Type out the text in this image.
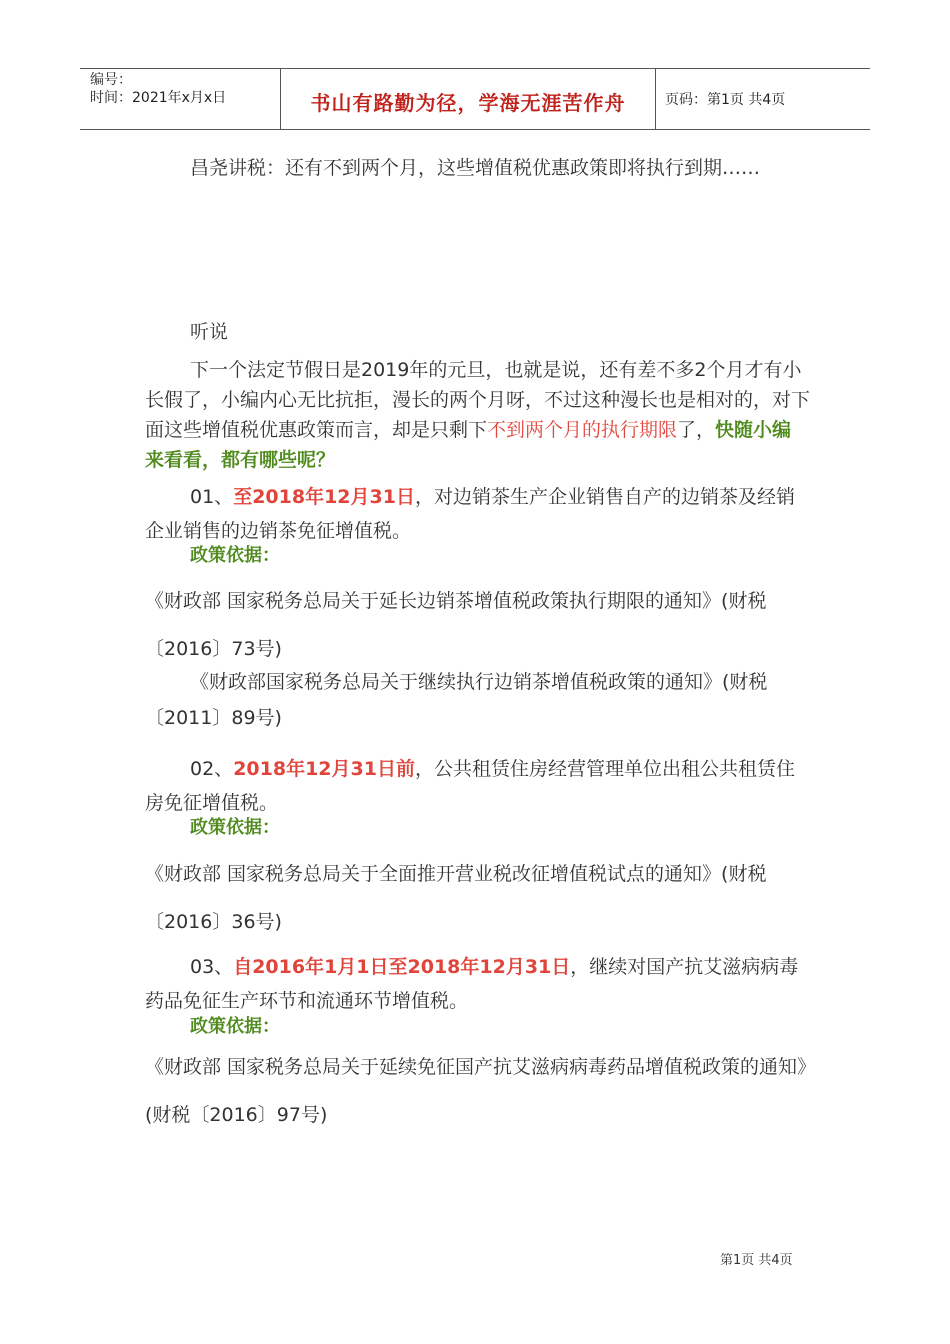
编号：
时间：2021年x月x日	书山有路勤为径，学海无涯苦作舟	页码：第1页 共4页

昌尧讲税：还有不到两个月，这些增值税优惠政策即将执行到期……

听说

下一个法定节假日是2019年的元旦，也就是说，还有差不多2个月才有小长假了，小编内心无比抗拒，漫长的两个月呀，不过这种漫长也是相对的，对下面这些增值税优惠政策而言，却是只剩下不到两个月的执行期限了，快随小编来看看，都有哪些呢？

01、至2018年12月31日，对边销茶生产企业销售自产的边销茶及经销企业销售的边销茶免征增值税。

政策依据：

《财政部 国家税务总局关于延长边销茶增值税政策执行期限的通知》(财税〔2016〕73号)

《财政部国家税务总局关于继续执行边销茶增值税政策的通知》(财税〔2011〕89号)

02、2018年12月31日前，公共租赁住房经营管理单位出租公共租赁住房免征增值税。

政策依据：

《财政部 国家税务总局关于全面推开营业税改征增值税试点的通知》(财税〔2016〕36号)

03、自2016年1月1日至2018年12月31日，继续对国产抗艾滋病病毒药品免征生产环节和流通环节增值税。

政策依据：

《财政部 国家税务总局关于延续免征国产抗艾滋病病毒药品增值税政策的通知》(财税〔2016〕97号)

第1页 共4页
